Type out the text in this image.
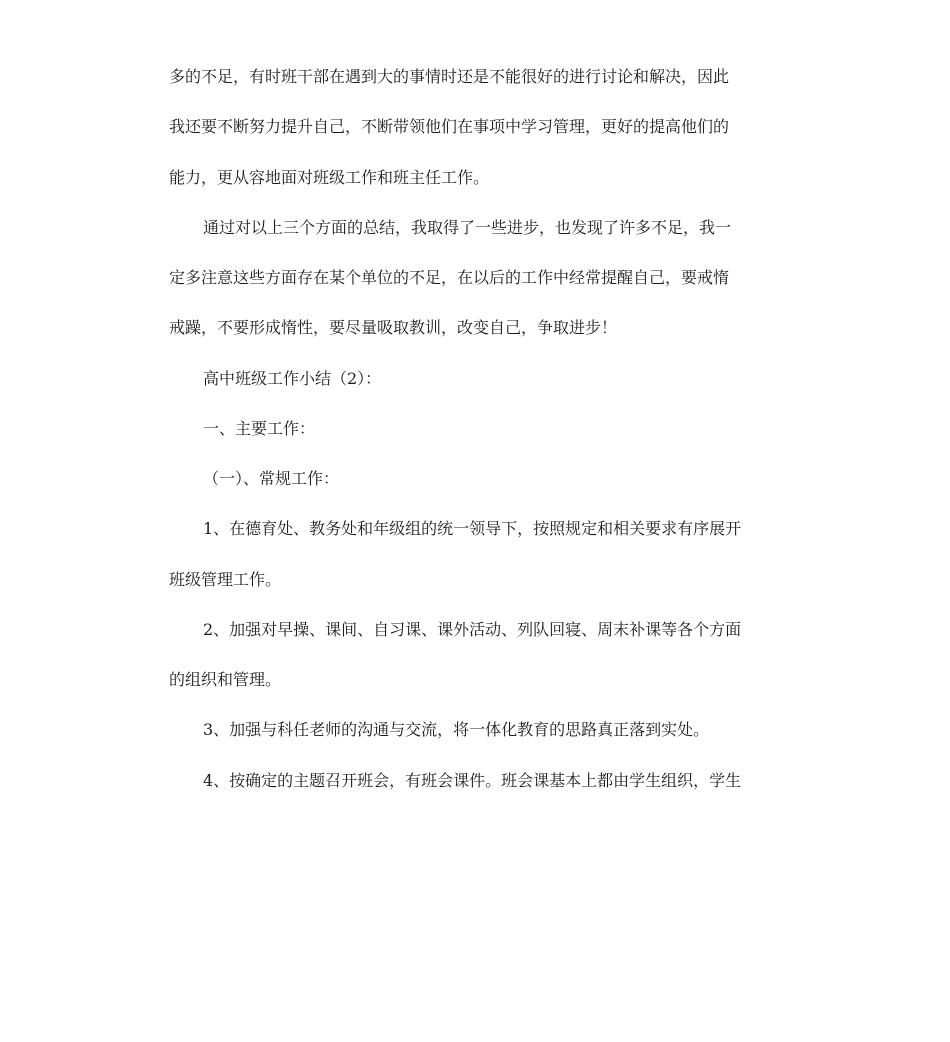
多的不足，有时班干部在遇到大的事情时还是不能很好的进行讨论和解决，因此

我还要不断努力提升自己，不断带领他们在事项中学习管理，更好的提高他们的

能力，更从容地面对班级工作和班主任工作。

通过对以上三个方面的总结，我取得了一些进步，也发现了许多不足，我一

定多注意这些方面存在某个单位的不足，在以后的工作中经常提醒自己，要戒惰

戒躁，不要形成惰性，要尽量吸取教训，改变自己，争取进步！

高中班级工作小结（2）：

一、主要工作：

（一）、常规工作：

1、在德育处、教务处和年级组的统一领导下，按照规定和相关要求有序展开

班级管理工作。

2、加强对早操、课间、自习课、课外活动、列队回寝、周末补课等各个方面

的组织和管理。

3、加强与科任老师的沟通与交流，将一体化教育的思路真正落到实处。

4、按确定的主题召开班会，有班会课件。班会课基本上都由学生组织，学生
